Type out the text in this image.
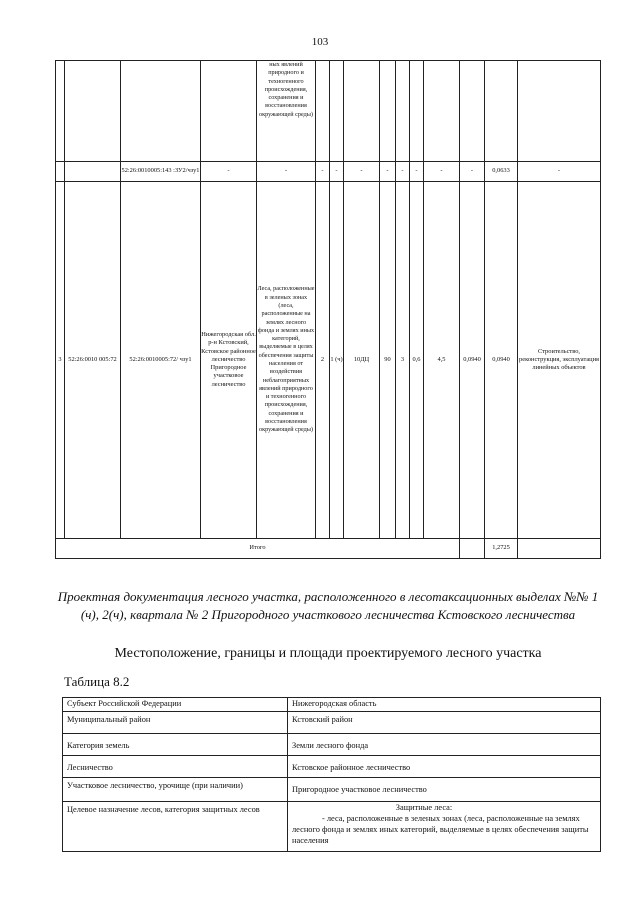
103
				ных явлений природного и техногенного происхождения, сохранения и восстановления окружающей среды)										
		52:26:0010005:143 :ЗУ2/чзу1	-	-	-	-	-	-	-	-	-	-	0,0633	-
3	52:26:0010 005:72	52:26:0010005:72/ чзу1	Нижегородская обл. р-н Кстовский, Кстовское районное лесничество Пригородное участковое лесничество	Леса, расположенные в зеленых зонах (леса, расположенные на землях лесного фонда и землях иных категорий, выделяемые в целях обеспечения защиты населения от воздействия неблагоприятных явлений природного и техногенного происхождения, сохранения и восстановления окружающей среды)	2	1 (ч)	10ДЦ	90	3	0,6	4,5	0,0940	0,0940	Строительство, реконструкция, эксплуатация линейных объектов
Итого													1,2725	
Проектная документация лесного участка, расположенного в лесотаксационных выделах №№ 1 (ч), 2(ч), квартала № 2 Пригородного участкового лесничества Кстовского лесничества
Местоположение, границы и площади проектируемого лесного участка
Таблица 8.2
Субъект Российской Федерации	Нижегородская область

Муниципальный район	Кстовский район

Категория земель	Земли лесного фонда

Лесничество	Кстовское районное лесничество

Участковое лесничество, урочище (при наличии)	Пригородное участковое лесничество

Целевое назначение лесов, категория защитных лесов	Защитные леса:
- леса, расположенные в зеленых зонах (леса, расположенные на землях лесного фонда и землях иных категорий, выделяемые в целях обеспечения защиты населения
